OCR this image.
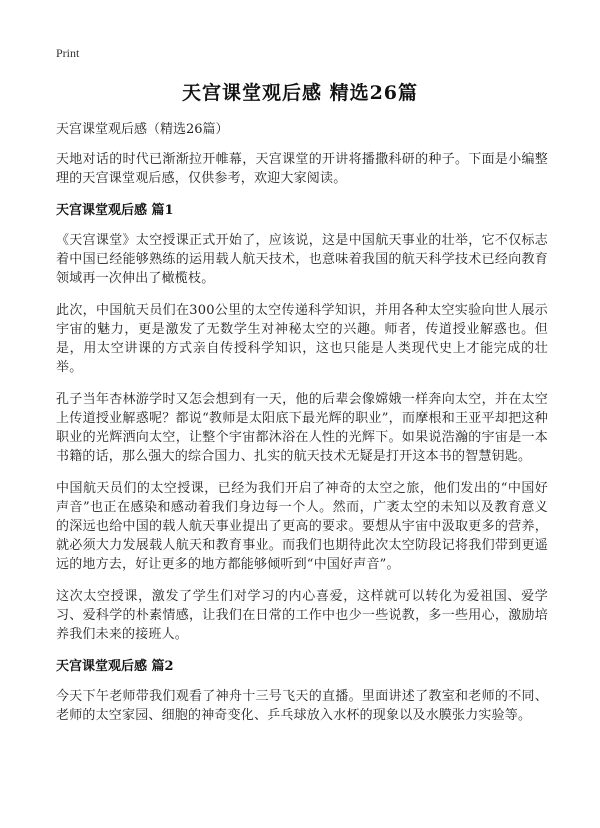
Print
天宫课堂观后感 精选26篇

天宫课堂观后感（精选26篇）

天地对话的时代已渐渐拉开帷幕，天宫课堂的开讲将播撒科研的种子。下面是小编整理的天宫课堂观后感，仅供参考，欢迎大家阅读。

天宫课堂观后感 篇1

《天宫课堂》太空授课正式开始了，应该说，这是中国航天事业的壮举，它不仅标志着中国已经能够熟练的运用载人航天技术，也意味着我国的航天科学技术已经向教育领域再一次伸出了橄榄枝。

此次，中国航天员们在300公里的太空传递科学知识，并用各种太空实验向世人展示宇宙的魅力，更是激发了无数学生对神秘太空的兴趣。师者，传道授业解惑也。但是，用太空讲课的方式亲自传授科学知识，这也只能是人类现代史上才能完成的壮举。

孔子当年杏林游学时又怎会想到有一天，他的后辈会像嫦娥一样奔向太空，并在太空上传道授业解惑呢？都说“教师是太阳底下最光辉的职业”，而摩根和王亚平却把这种职业的光辉洒向太空，让整个宇宙都沐浴在人性的光辉下。如果说浩瀚的宇宙是一本书籍的话，那么强大的综合国力、扎实的航天技术无疑是打开这本书的智慧钥匙。

中国航天员们的太空授课，已经为我们开启了神奇的太空之旅，他们发出的“中国好声音”也正在感染和感动着我们身边每一个人。然而，广袤太空的未知以及教育意义的深远也给中国的载人航天事业提出了更高的要求。要想从宇宙中汲取更多的营养，就必须大力发展载人航天和教育事业。而我们也期待此次太空防段记将我们带到更遥远的地方去，好让更多的地方都能够倾听到“中国好声音”。

这次太空授课，激发了学生们对学习的内心喜爱，这样就可以转化为爱祖国、爱学习、爱科学的朴素情感，让我们在日常的工作中也少一些说教，多一些用心，激励培养我们未来的接班人。

天宫课堂观后感 篇2

今天下午老师带我们观看了神舟十三号飞天的直播。里面讲述了教室和老师的不同、老师的太空家园、细胞的神奇变化、乒乓球放入水杯的现象以及水膜张力实验等。
